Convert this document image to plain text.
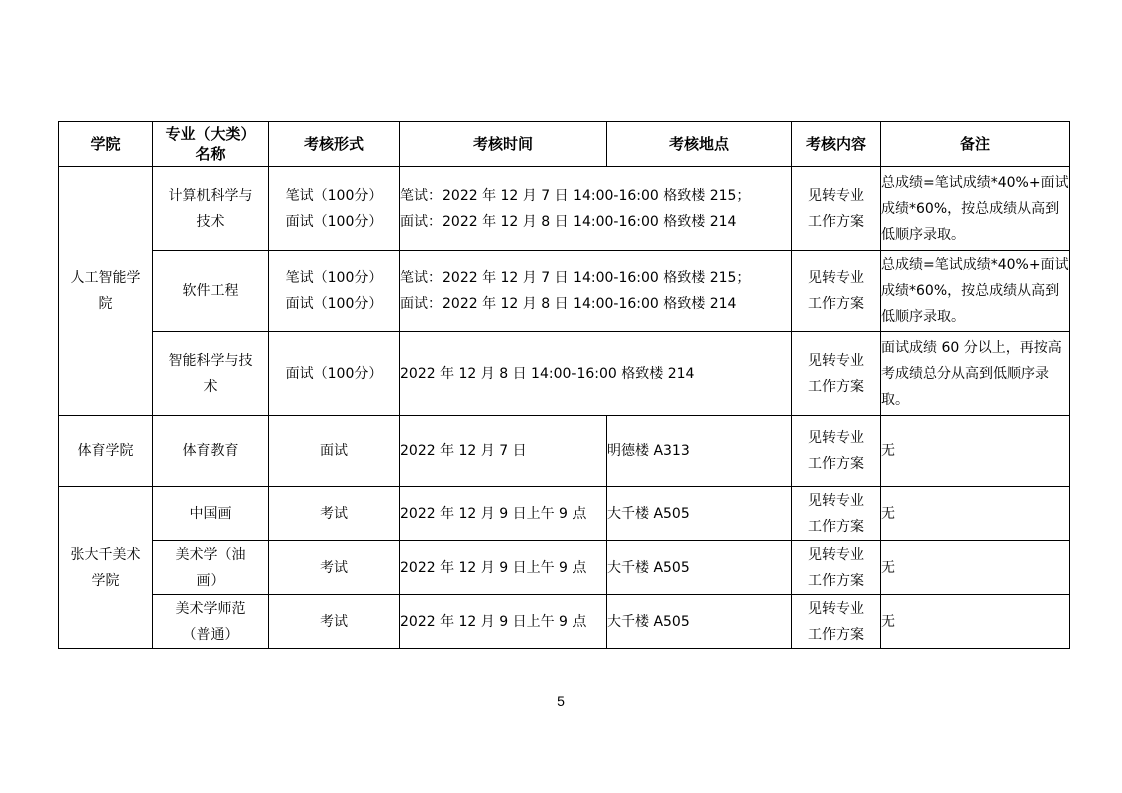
学院	专业（大类）
名称	考核形式	考核时间	考核地点	考核内容	备注

人工智能学
院	计算机科学与
技术	笔试（100分）
面试（100分）	笔试：2022 年 12 月 7 日 14:00-16:00 格致楼 215；
面试：2022 年 12 月 8 日 14:00-16:00 格致楼 214		见转专业
工作方案	总成绩=笔试成绩*40%+面试成绩*60%，按总成绩从高到低顺序录取。

	软件工程	笔试（100分）
面试（100分）	笔试：2022 年 12 月 7 日 14:00-16:00 格致楼 215；
面试：2022 年 12 月 8 日 14:00-16:00 格致楼 214		见转专业
工作方案	总成绩=笔试成绩*40%+面试成绩*60%，按总成绩从高到低顺序录取。

	智能科学与技
术	面试（100分）	2022 年 12 月 8 日 14:00-16:00 格致楼 214		见转专业
工作方案	面试成绩 60 分以上，再按高考成绩总分从高到低顺序录取。
体育学院	体育教育	面试	2022 年 12 月 7 日	明德楼 A313	见转专业
工作方案	无

张大千美术
学院	中国画	考试	2022 年 12 月 9 日上午 9 点	大千楼 A505	见转专业
工作方案	无

	美术学（油
画）	考试	2022 年 12 月 9 日上午 9 点	大千楼 A505	见转专业
工作方案	无

	美术学师范
（普通）	考试	2022 年 12 月 9 日上午 9 点	大千楼 A505	见转专业
工作方案	无
5
